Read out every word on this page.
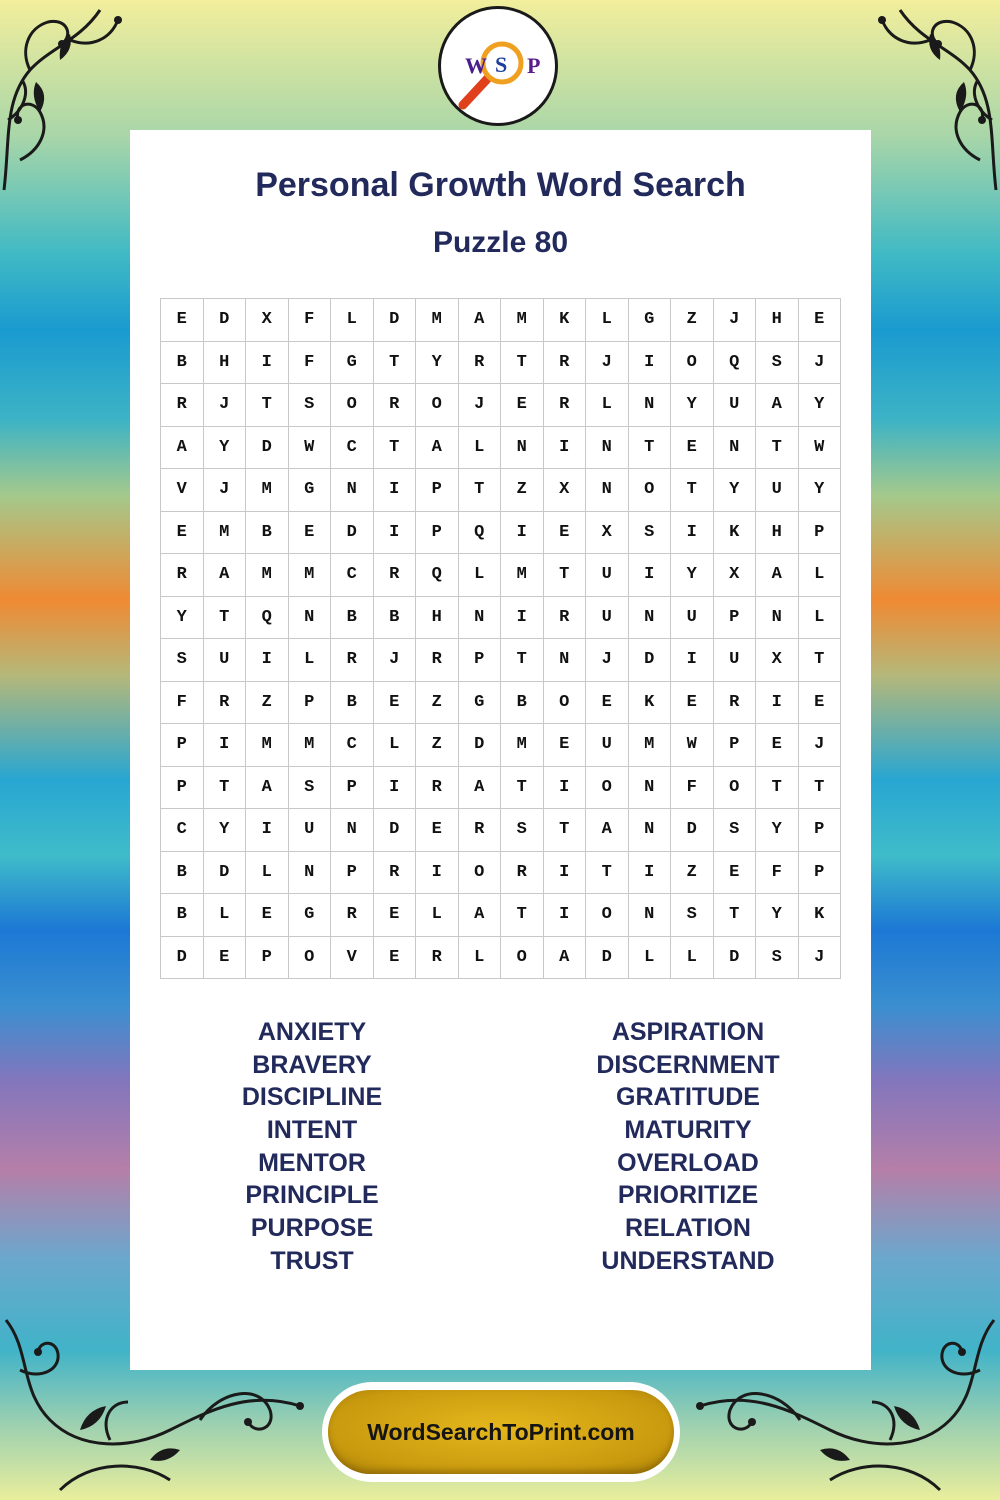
Personal Growth Word Search
Puzzle 80
E	D	X	F	L	D	M	A	M	K	L	G	Z	J	H	E
B	H	I	F	G	T	Y	R	T	R	J	I	O	Q	S	J
R	J	T	S	O	R	O	J	E	R	L	N	Y	U	A	Y
A	Y	D	W	C	T	A	L	N	I	N	T	E	N	T	W
V	J	M	G	N	I	P	T	Z	X	N	O	T	Y	U	Y
E	M	B	E	D	I	P	Q	I	E	X	S	I	K	H	P
R	A	M	M	C	R	Q	L	M	T	U	I	Y	X	A	L
Y	T	Q	N	B	B	H	N	I	R	U	N	U	P	N	L
S	U	I	L	R	J	R	P	T	N	J	D	I	U	X	T
F	R	Z	P	B	E	Z	G	B	O	E	K	E	R	I	E
P	I	M	M	C	L	Z	D	M	E	U	M	W	P	E	J
P	T	A	S	P	I	R	A	T	I	O	N	F	O	T	T
C	Y	I	U	N	D	E	R	S	T	A	N	D	S	Y	P
B	D	L	N	P	R	I	O	R	I	T	I	Z	E	F	P
B	L	E	G	R	E	L	A	T	I	O	N	S	T	Y	K
D	E	P	O	V	E	R	L	O	A	D	L	L	D	S	J
ANXIETY
BRAVERY
DISCIPLINE
INTENT
MENTOR
PRINCIPLE
PURPOSE
TRUST
ASPIRATION
DISCERNMENT
GRATITUDE
MATURITY
OVERLOAD
PRIORITIZE
RELATION
UNDERSTAND
W S P
WordSearchToPrint.com
